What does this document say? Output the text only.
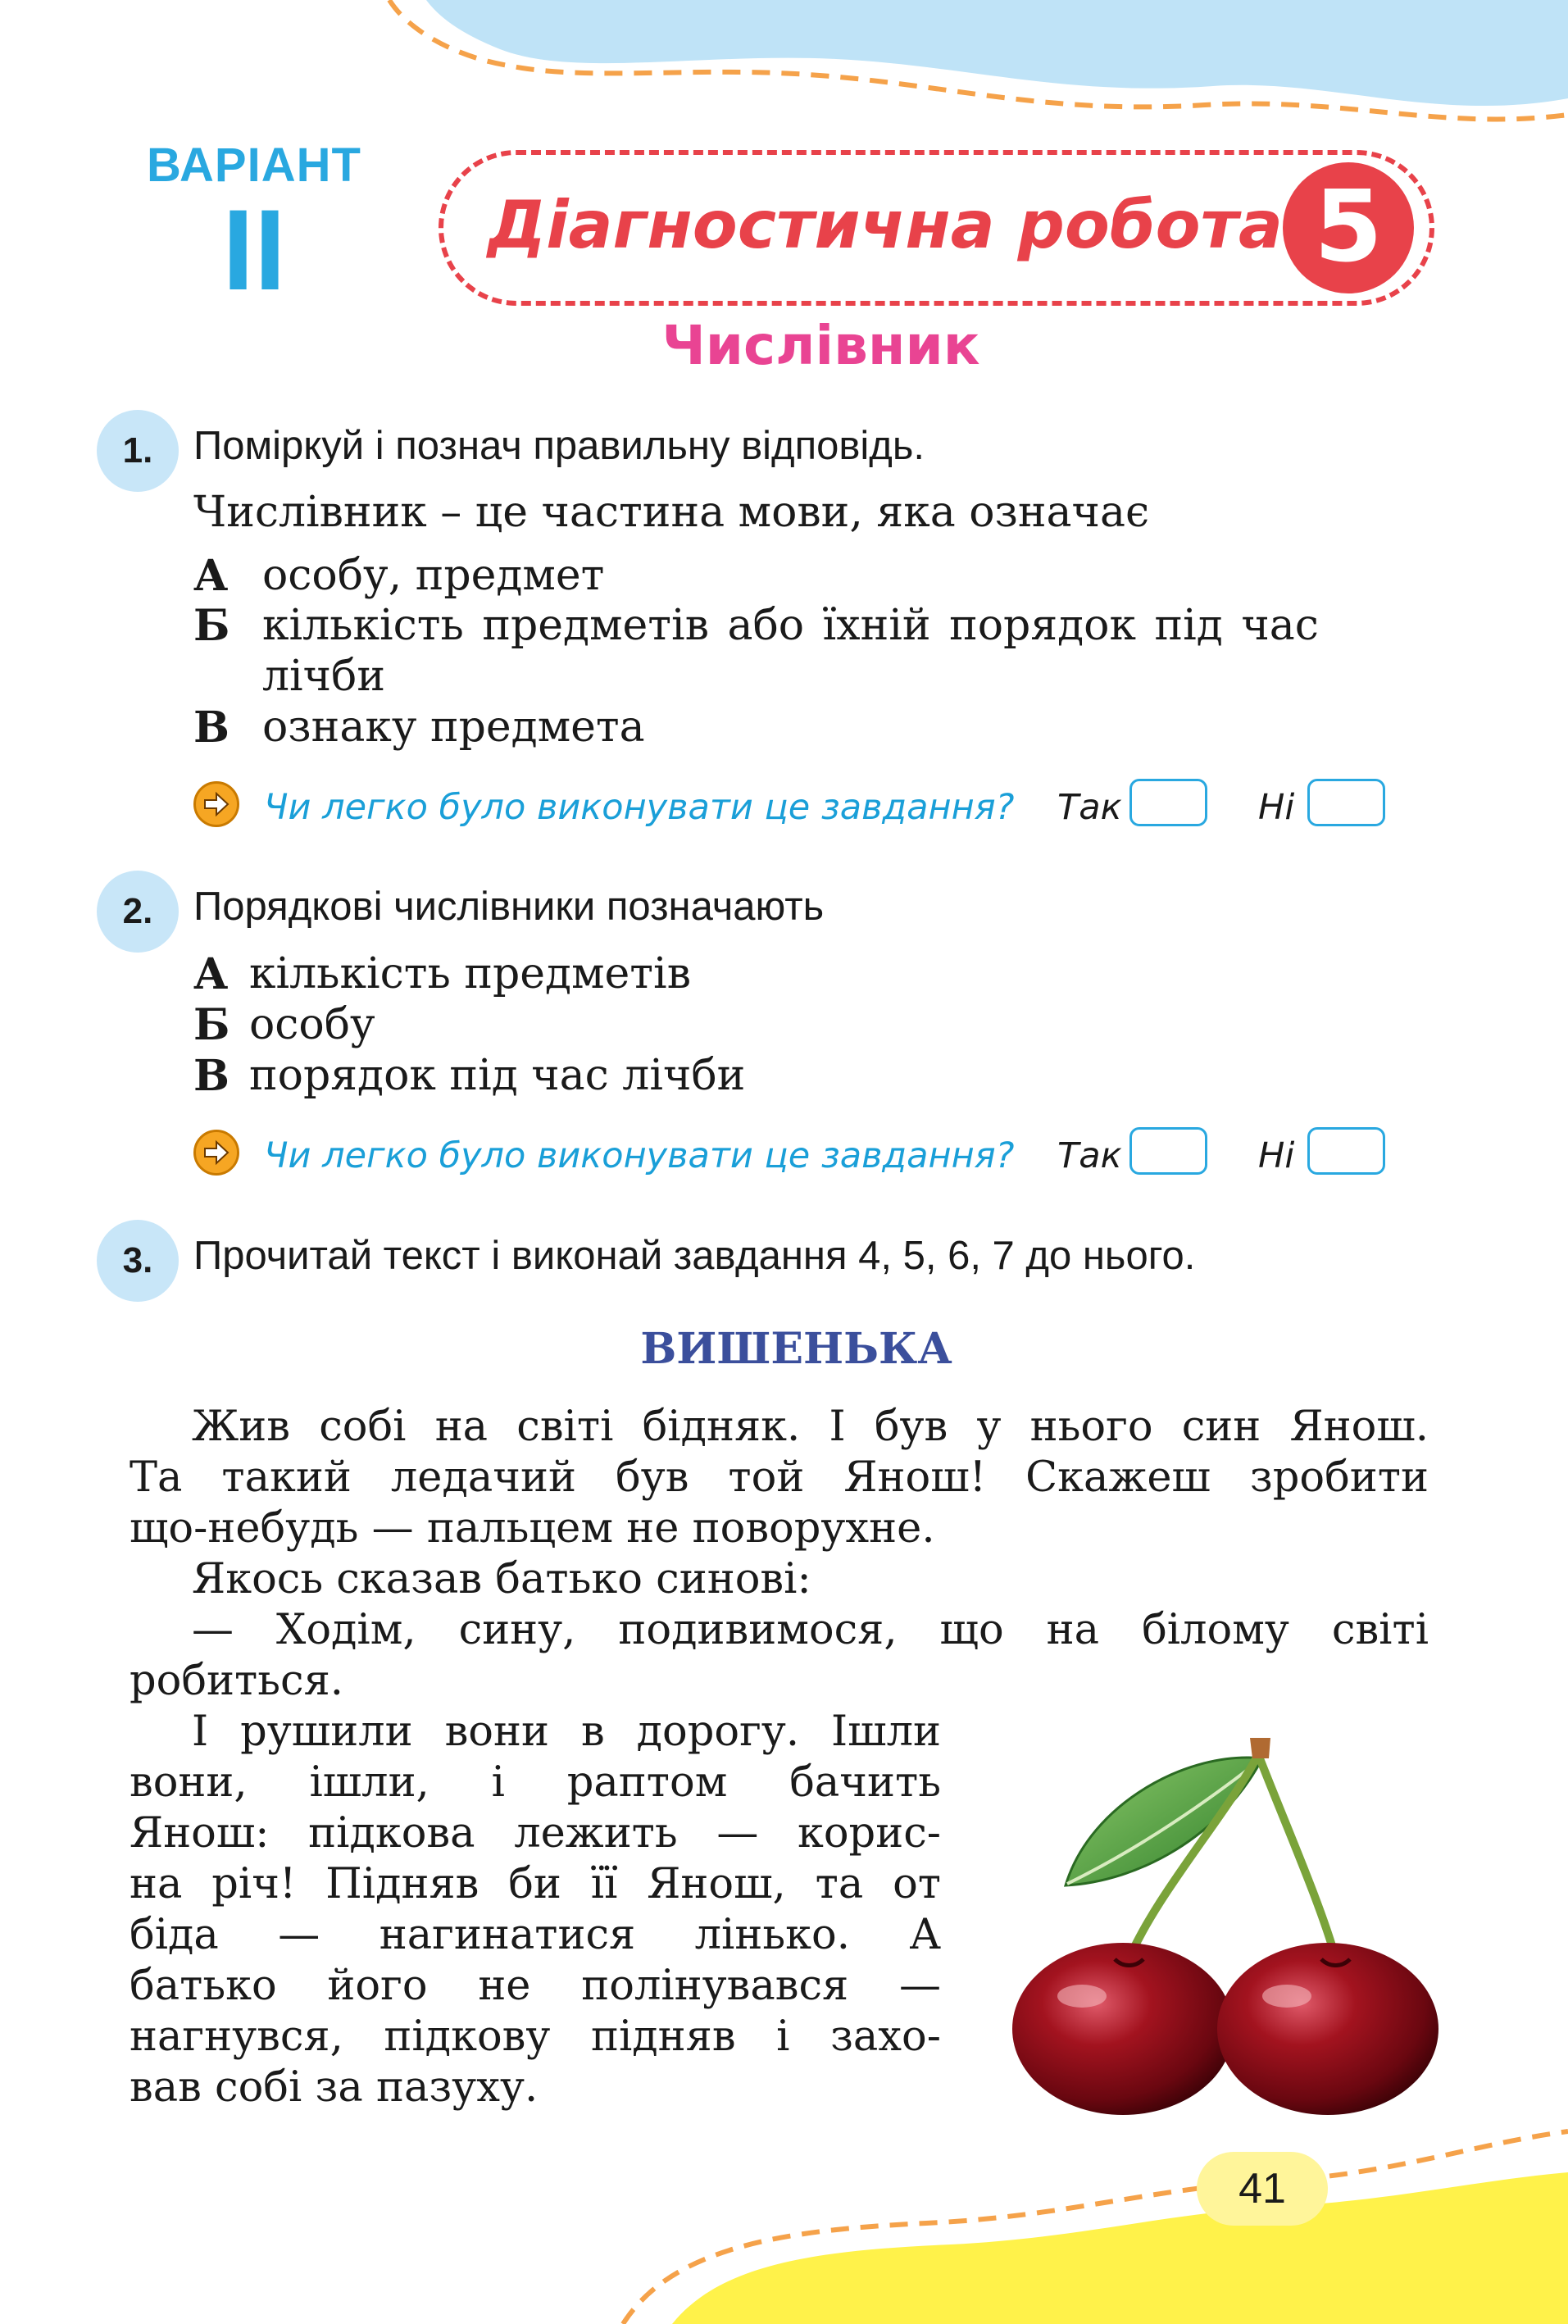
ВАРІАНТ
II	Діагностична робота 5
Числівник
1.	Поміркуй і познач правильну відповідь.
Числівник – це частина мови, яка означає
А особу, предмет
Б кількість предметів або їхній порядок під час
лічби
В ознаку предмета
Чи легко було виконувати це завдання? Так	Ні
2.	Порядкові числівники позначають
А кількість предметів
Б особу
В порядок під час лічби
Чи легко було виконувати це завдання? Так	Ні
3.	Прочитай текст і виконай завдання 4, 5, 6, 7 до нього.
ВИШЕНЬКА
Жив собі на світі бідняк. І був у нього син Янош.
Та такий ледачий був той Янош! Скажеш зробити
що-небудь — пальцем не поворухне.
Якось сказав батько синові:
— Ходім, сину, подивимося, що на білому світі
робиться.
І рушили вони в дорогу. Ішли
вони, ішли, і раптом бачить
Янош: підкова лежить — корис-
на річ! Підняв би її Янош, та от
біда — нагинатися лінько. А
батько його не полінувався —
нагнувся, підкову підняв і захо-
вав собі за пазуху.
41
